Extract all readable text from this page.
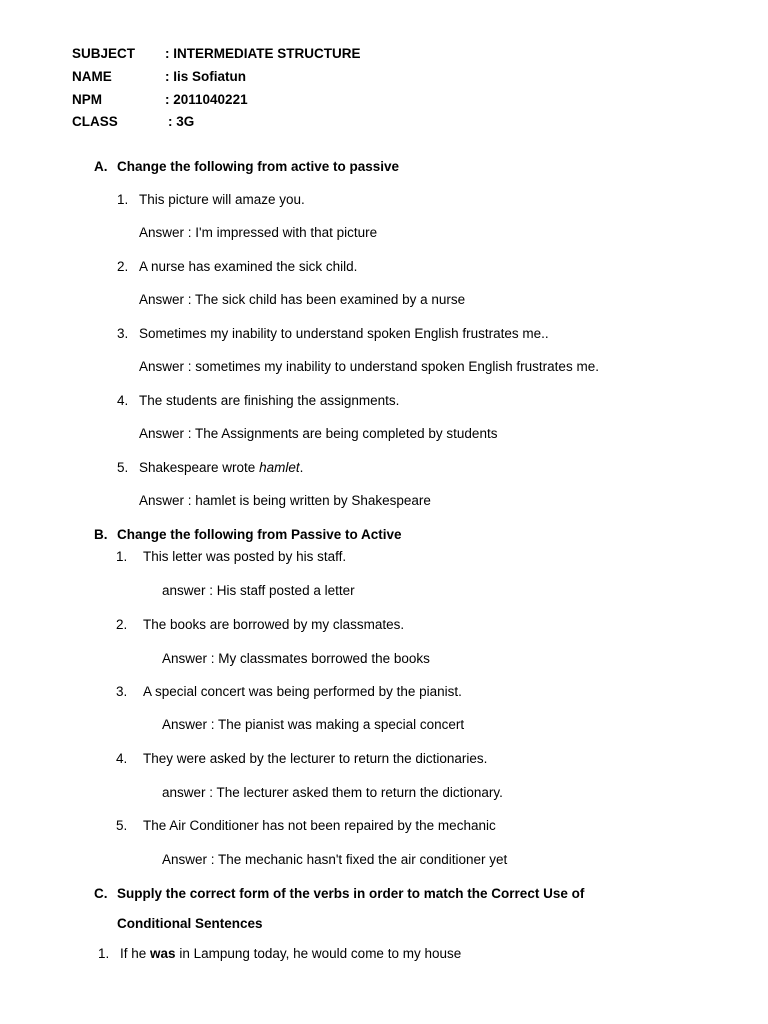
SUBJECT : INTERMEDIATE STRUCTURE
NAME	: Iis Sofiatun
NPM	: 2011040221
CLASS	: 3G
A. Change the following from active to passive
1. This picture will amaze you.
Answer : I'm impressed with that picture
2. A nurse has examined the sick child.
Answer : The sick child has been examined by a nurse
3. Sometimes my inability to understand spoken English frustrates me..
Answer : sometimes my inability to understand spoken English frustrates me.
4. The students are finishing the assignments.
Answer : The Assignments are being completed by students
5. Shakespeare wrote hamlet.
Answer : hamlet is being written by Shakespeare
B. Change the following from Passive to Active
1. This letter was posted by his staff.
answer : His staff posted a letter
2. The books are borrowed by my classmates.
Answer : My classmates borrowed the books
3. A special concert was being performed by the pianist.
Answer : The pianist was making a special concert
4. They were asked by the lecturer to return the dictionaries.
answer : The lecturer asked them to return the dictionary.
5. The Air Conditioner has not been repaired by the mechanic
Answer : The mechanic hasn't fixed the air conditioner yet
C. Supply the correct form of the verbs in order to match the Correct Use of
Conditional Sentences
1. If he was in Lampung today, he would come to my house
